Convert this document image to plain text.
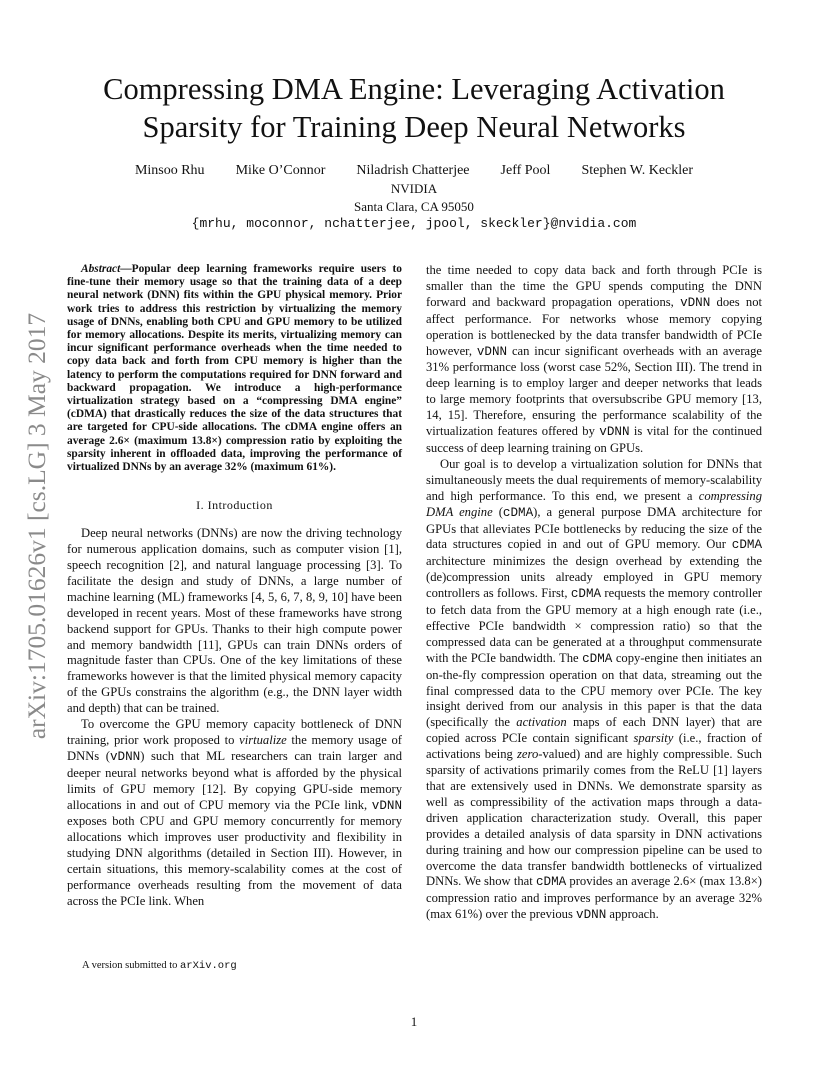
arXiv:1705.01626v1 [cs.LG] 3 May 2017
Compressing DMA Engine: Leveraging Activation Sparsity for Training Deep Neural Networks
Minsoo Rhu Mike O’Connor Niladrish Chatterjee Jeff Pool Stephen W. Keckler
NVIDIA
Santa Clara, CA 95050
{mrhu, moconnor, nchatterjee, jpool, skeckler}@nvidia.com

Abstract—Popular deep learning frameworks require users to fine-tune their memory usage so that the training data of a deep neural network (DNN) fits within the GPU physical memory. Prior work tries to address this restriction by virtualizing the memory usage of DNNs, enabling both CPU and GPU memory to be utilized for memory allocations. Despite its merits, virtualizing memory can incur significant performance overheads when the time needed to copy data back and forth from CPU memory is higher than the latency to perform the computations required for DNN forward and backward propagation. We introduce a high-performance virtualization strategy based on a “compressing DMA engine” (cDMA) that drastically reduces the size of the data structures that are targeted for CPU-side allocations. The cDMA engine offers an average 2.6× (maximum 13.8×) compression ratio by exploiting the sparsity inherent in offloaded data, improving the performance of virtualized DNNs by an average 32% (maximum 61%).

I. Introduction

Deep neural networks (DNNs) are now the driving technology for numerous application domains, such as computer vision [1], speech recognition [2], and natural language processing [3]. To facilitate the design and study of DNNs, a large number of machine learning (ML) frameworks [4, 5, 6, 7, 8, 9, 10] have been developed in recent years. Most of these frameworks have strong backend support for GPUs. Thanks to their high compute power and memory bandwidth [11], GPUs can train DNNs orders of magnitude faster than CPUs. One of the key limitations of these frameworks however is that the limited physical memory capacity of the GPUs constrains the algorithm (e.g., the DNN layer width and depth) that can be trained.

To overcome the GPU memory capacity bottleneck of DNN training, prior work proposed to virtualize the memory usage of DNNs (vDNN) such that ML researchers can train larger and deeper neural networks beyond what is afforded by the physical limits of GPU memory [12]. By copying GPU-side memory allocations in and out of CPU memory via the PCIe link, vDNN exposes both CPU and GPU memory concurrently for memory allocations which improves user productivity and flexibility in studying DNN algorithms (detailed in Section III). However, in certain situations, this memory-scalability comes at the cost of performance overheads resulting from the movement of data across the PCIe link. When

the time needed to copy data back and forth through PCIe is smaller than the time the GPU spends computing the DNN forward and backward propagation operations, vDNN does not affect performance. For networks whose memory copying operation is bottlenecked by the data transfer bandwidth of PCIe however, vDNN can incur significant overheads with an average 31% performance loss (worst case 52%, Section III). The trend in deep learning is to employ larger and deeper networks that leads to large memory footprints that oversubscribe GPU memory [13, 14, 15]. Therefore, ensuring the performance scalability of the virtualization features offered by vDNN is vital for the continued success of deep learning training on GPUs.

Our goal is to develop a virtualization solution for DNNs that simultaneously meets the dual requirements of memory-scalability and high performance. To this end, we present a compressing DMA engine (cDMA), a general purpose DMA architecture for GPUs that alleviates PCIe bottlenecks by reducing the size of the data structures copied in and out of GPU memory. Our cDMA architecture minimizes the design overhead by extending the (de)compression units already employed in GPU memory controllers as follows. First, cDMA requests the memory controller to fetch data from the GPU memory at a high enough rate (i.e., effective PCIe bandwidth × compression ratio) so that the compressed data can be generated at a throughput commensurate with the PCIe bandwidth. The cDMA copy-engine then initiates an on-the-fly compression operation on that data, streaming out the final compressed data to the CPU memory over PCIe. The key insight derived from our analysis in this paper is that the data (specifically the activation maps of each DNN layer) that are copied across PCIe contain significant sparsity (i.e., fraction of activations being zero-valued) and are highly compressible. Such sparsity of activations primarily comes from the ReLU [1] layers that are extensively used in DNNs. We demonstrate sparsity as well as compressibility of the activation maps through a data-driven application characterization study. Overall, this paper provides a detailed analysis of data sparsity in DNN activations during training and how our compression pipeline can be used to overcome the data transfer bandwidth bottlenecks of virtualized DNNs. We show that cDMA provides an average 2.6× (max 13.8×) compression ratio and improves performance by an average 32% (max 61%) over the previous vDNN approach.

A version submitted to arXiv.org
1
